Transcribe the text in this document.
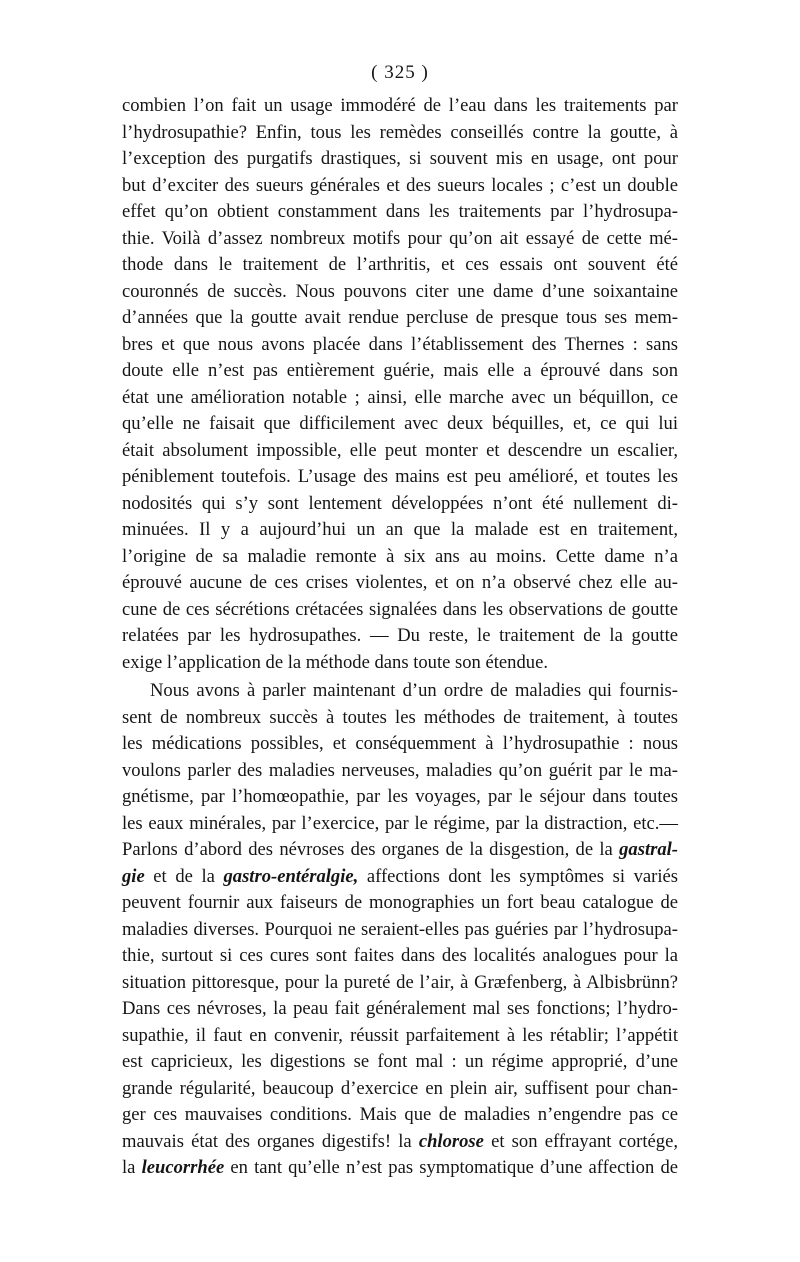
( 325 )
combien l’on fait un usage immodéré de l’eau dans les traitements par
l’hydrosupathie? Enfin, tous les remèdes conseillés contre la goutte, à
l’exception des purgatifs drastiques, si souvent mis en usage, ont pour
but d’exciter des sueurs générales et des sueurs locales ; c’est un double
effet qu’on obtient constamment dans les traitements par l’hydrosupa-
thie. Voilà d’assez nombreux motifs pour qu’on ait essayé de cette mé-
thode dans le traitement de l’arthritis, et ces essais ont souvent été
couronnés de succès. Nous pouvons citer une dame d’une soixantaine
d’années que la goutte avait rendue percluse de presque tous ses mem-
bres et que nous avons placée dans l’établissement des Thernes : sans
doute elle n’est pas entièrement guérie, mais elle a éprouvé dans son
état une amélioration notable ; ainsi, elle marche avec un béquillon, ce
qu’elle ne faisait que difficilement avec deux béquilles, et, ce qui lui
était absolument impossible, elle peut monter et descendre un escalier,
péniblement toutefois. L’usage des mains est peu amélioré, et toutes les
nodosités qui s’y sont lentement développées n’ont été nullement di-
minuées. Il y a aujourd’hui un an que la malade est en traitement,
l’origine de sa maladie remonte à six ans au moins. Cette dame n’a
éprouvé aucune de ces crises violentes, et on n’a observé chez elle au-
cune de ces sécrétions crétacées signalées dans les observations de goutte
relatées par les hydrosupathes. — Du reste, le traitement de la goutte
exige l’application de la méthode dans toute son étendue.
Nous avons à parler maintenant d’un ordre de maladies qui fournis-
sent de nombreux succès à toutes les méthodes de traitement, à toutes
les médications possibles, et conséquemment à l’hydrosupathie : nous
voulons parler des maladies nerveuses, maladies qu’on guérit par le ma-
gnétisme, par l’homœopathie, par les voyages, par le séjour dans toutes
les eaux minérales, par l’exercice, par le régime, par la distraction, etc.—
Parlons d’abord des névroses des organes de la disgestion, de la gastral-
gie et de la gastro-entéralgie, affections dont les symptômes si variés
peuvent fournir aux faiseurs de monographies un fort beau catalogue de
maladies diverses. Pourquoi ne seraient-elles pas guéries par l’hydrosupa-
thie, surtout si ces cures sont faites dans des localités analogues pour la
situation pittoresque, pour la pureté de l’air, à Græfenberg, à Albisbrünn?
Dans ces névroses, la peau fait généralement mal ses fonctions; l’hydro-
supathie, il faut en convenir, réussit parfaitement à les rétablir; l’appétit
est capricieux, les digestions se font mal : un régime approprié, d’une
grande régularité, beaucoup d’exercice en plein air, suffisent pour chan-
ger ces mauvaises conditions. Mais que de maladies n’engendre pas ce
mauvais état des organes digestifs! la chlorose et son effrayant cortége,
la leucorrhée en tant qu’elle n’est pas symptomatique d’une affection de
